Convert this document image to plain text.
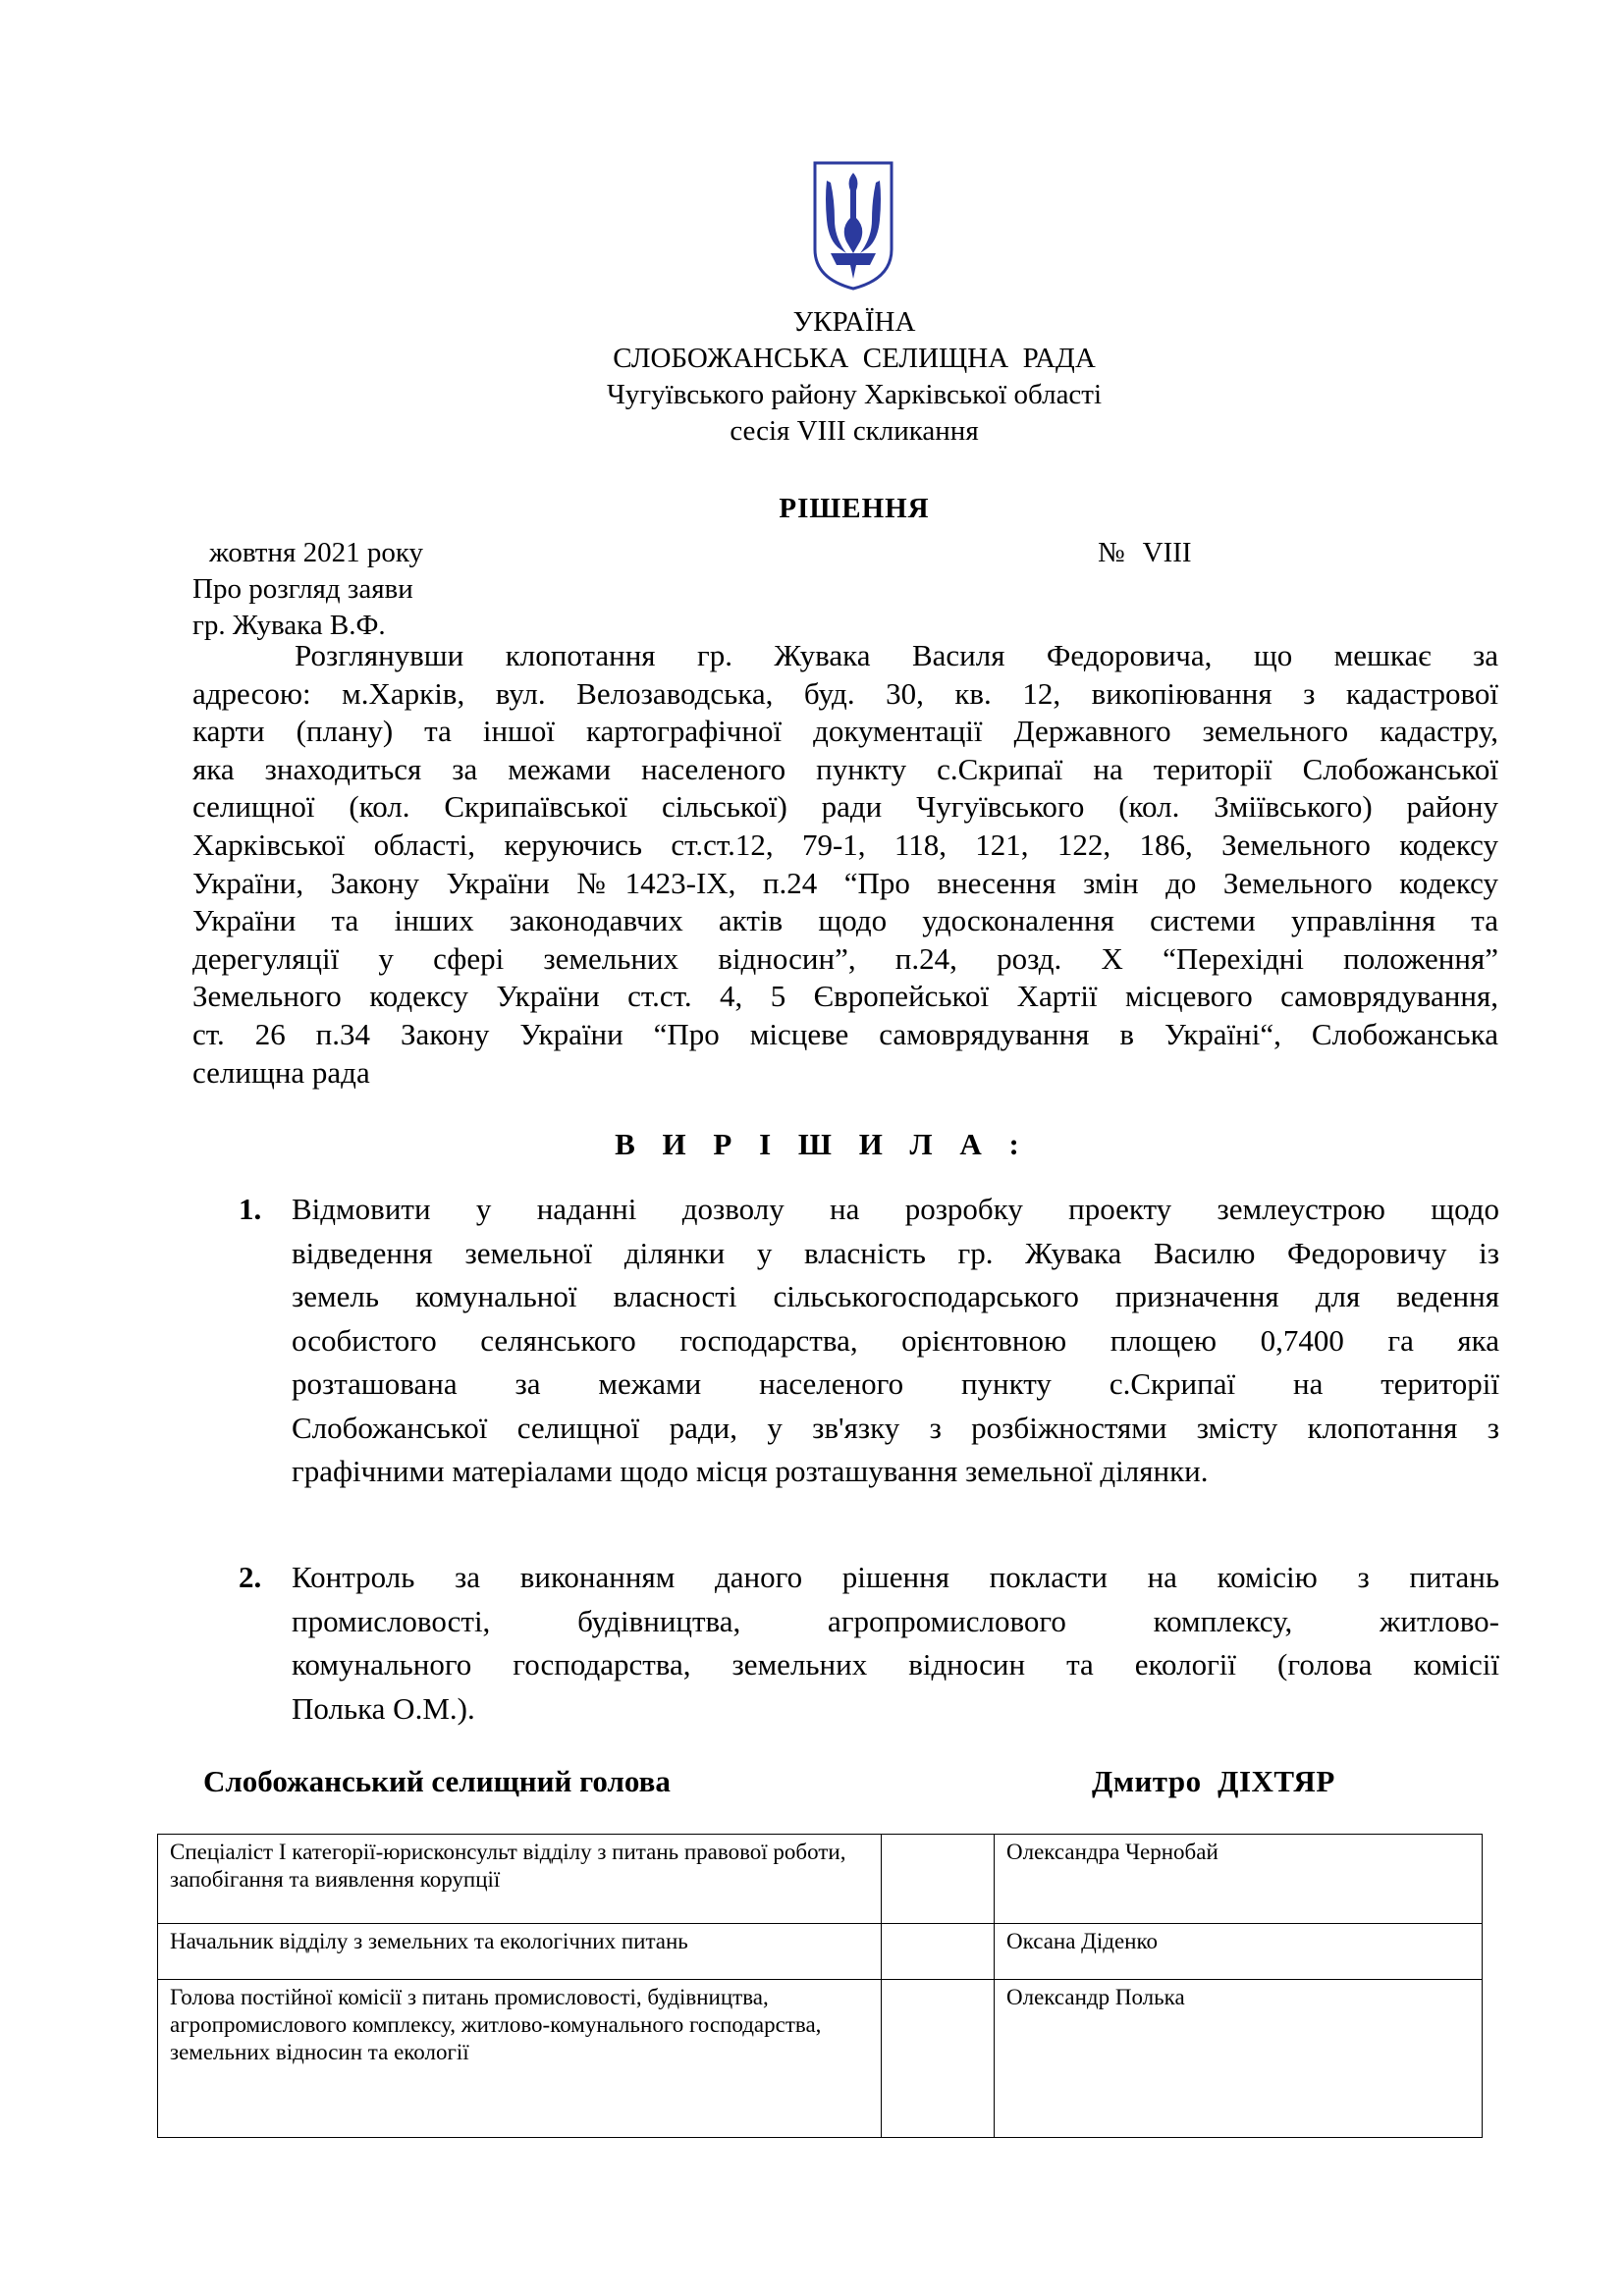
УКРАЇНА
СЛОБОЖАНСЬКА  СЕЛИЩНА  РАДА
Чугуївського району Харківської області
сесія VIII скликання
РІШЕННЯ
жовтня 2021 року	№ VIII
Про розгляд заяви
гр. Жувака В.Ф.
Розглянувши клопотання гр. Жувака Василя Федоровича, що мешкає за
адресою: м.Харків, вул. Велозаводська, буд. 30, кв. 12, викопіювання з кадастрової
карти (плану) та іншої картографічної документації Державного земельного кадастру,
яка знаходиться за межами населеного пункту с.Скрипаї на території Слобожанської
селищної (кол. Скрипаївської сільської) ради Чугуївського (кол. Зміївського) району
Харківської області, керуючись ст.ст.12, 79-1, 118, 121, 122, 186, Земельного кодексу
України, Закону України №1423-IX, п.24 “Про внесення змін до Земельного кодексу
України та інших законодавчих актів щодо удосконалення системи управління та
дерегуляції у сфері земельних відносин”, п.24, розд. Х “Перехідні положення”
Земельного кодексу України ст.ст. 4, 5 Європейської Хартії місцевого самоврядування,
ст. 26 п.34 Закону України “Про місцеве самоврядування в Україні“, Слобожанська
селищна рада
В И Р І Ш И Л А :
1. Відмовити у наданні дозволу на розробку проекту землеустрою щодо
відведення земельної ділянки у власність гр. Жувака Василю Федоровичу із
земель комунальної власності сільськогосподарського призначення для ведення
особистого селянського господарства, орієнтовною площею 0,7400 га яка
розташована за межами населеного пункту с.Скрипаї на території
Слобожанської селищної ради, у зв'язку з розбіжностями змісту клопотання з
графічними матеріалами щодо місця розташування земельної ділянки.
2. Контроль за виконанням даного рішення покласти на комісію з питань
промисловості, будівництва, агропромислового комплексу, житлово-
комунального господарства, земельних відносин та екології (голова комісії
Полька О.М.).
Слобожанський селищний голова	Дмитро  ДІХТЯР
Спеціаліст І категорії-юрисконсульт відділу з питань правової роботи, запобігання та виявлення корупції		Олександра Чернобай
Начальник відділу з земельних та екологічних питань		Оксана Діденко
Голова постійної комісії з питань промисловості, будівництва, агропромислового комплексу, житлово-комунального господарства, земельних відносин та екології		Олександр Полька
